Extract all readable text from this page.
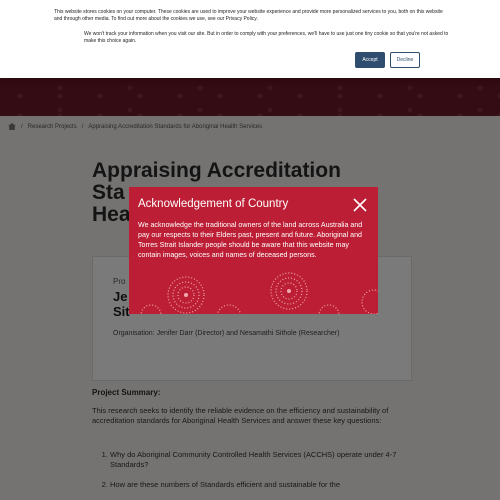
This website stores cookies on your computer. These cookies are used to improve your website experience and provide more personalized services to you, both on this website and through other media. To find out more about the cookies we use, see our Privacy Policy.

We won't track your information when you visit our site. But in order to comply with your preferences, we'll have to use just one tiny cookie so that you're not asked to make this choice again.

Accept	Decline
1.
2.
Acknowledgement of Country

We acknowledge the traditional owners of the land across Australia and pay our respects to their Elders past, present and future. Aboriginal and Torres Strait Islander people should be aware that this website may contain images, voices and names of deceased persons.
